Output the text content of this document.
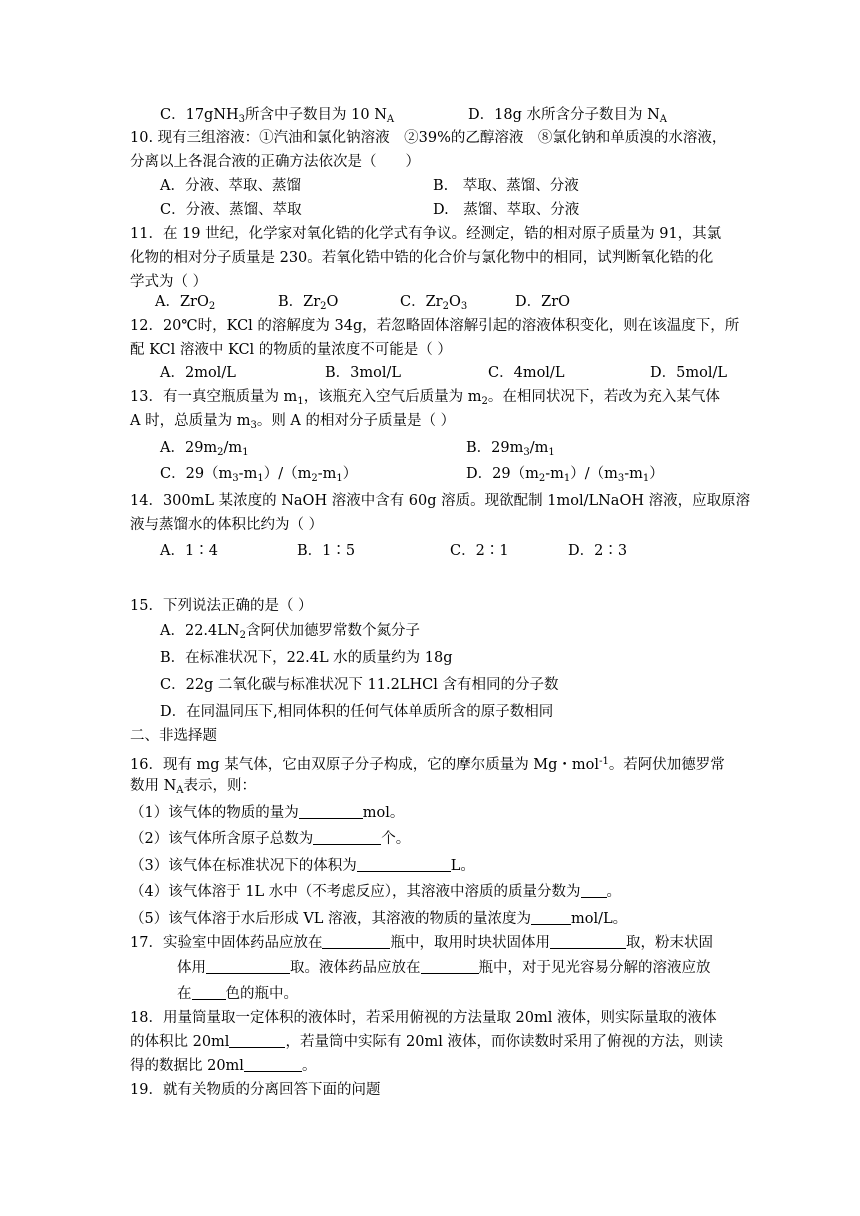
C．17gNH$_3$所含中子数目为 10 $N_A$	D．18g 水所含分子数目为 $N_A$
10. 现有三组溶液：①汽油和氯化钠溶液　②39%的乙醇溶液　⑧氯化钠和单质溴的水溶液，
分离以上各混合液的正确方法依次是（　　）
A．分液、萃取、蒸馏	B.　萃取、蒸馏、分液
C．分液、蒸馏、萃取	D.　蒸馏、萃取、分液
11．在 19 世纪，化学家对氧化锆的化学式有争议。经测定，锆的相对原子质量为 91，其氯
化物的相对分子质量是 230。若氧化锆中锆的化合价与氯化物中的相同，试判断氧化锆的化
学式为（ ）
A．ZrO$_2$	B．$Zr_2O$	C．$Zr_2O_3$	D．ZrO
12．20℃时，KCl 的溶解度为 34g，若忽略固体溶解引起的溶液体积变化，则在该温度下，所
配 KCl 溶液中 KCl 的物质的量浓度不可能是（ ）
A．2mol/L	B．3mol/L	C．4mol/L	D．5mol/L
13．有一真空瓶质量为 $m_1$，该瓶充入空气后质量为 $m_2$。在相同状况下，若改为充入某气体
A 时，总质量为 $m_3$。则 A 的相对分子质量是（ ）
A．$29m_2/m_1$	B．$29m_3/m_1$
C．$29(m_3-m_1)/(m_2-m_1)$	D．$29(m_2-m_1)/(m_3-m_1)$
14．300mL 某浓度的 NaOH 溶液中含有 60g 溶质。现欲配制 1mol/LNaOH 溶液，应取原溶
液与蒸馏水的体积比约为（ ）
A．1∶4	B．1∶5	C．2∶1	D．2∶3
15．下列说法正确的是（ ）
A．$22.4LN_2$含阿伏加德罗常数个氮分子
B．在标准状况下，22.4L 水的质量约为 18g
C．22g 二氧化碳与标准状况下 11.2LHCl 含有相同的分子数
D．在同温同压下,相同体积的任何气体单质所含的原子数相同
二、非选择题
16．现有 mg 某气体，它由双原子分子构成，它的摩尔质量为 Mg・mol$^{-1}$。若阿伏加德罗常
数用 $N_A$表示，则：
（1）该气体的物质的量为	mol。
（2）该气体所含原子总数为	个。
（3）该气体在标准状况下的体积为	L。
（4）该气体溶于 1L 水中（不考虑反应），其溶液中溶质的质量分数为 。
（5）该气体溶于水后形成 VL 溶液，其溶液的物质的量浓度为	mol/L。
17．实验室中固体药品应放在	瓶中，取用时块状固体用	取，粉末状固
体用	取。液体药品应放在	瓶中，对于见光容易分解的溶液应放
在 色的瓶中。
18．用量筒量取一定体积的液体时，若采用俯视的方法量取 20ml 液体，则实际量取的液体
的体积比 20ml	，若量筒中实际有 20ml 液体，而你读数时采用了俯视的方法，则读
得的数据比 20ml	。
19．就有关物质的分离回答下面的问题
